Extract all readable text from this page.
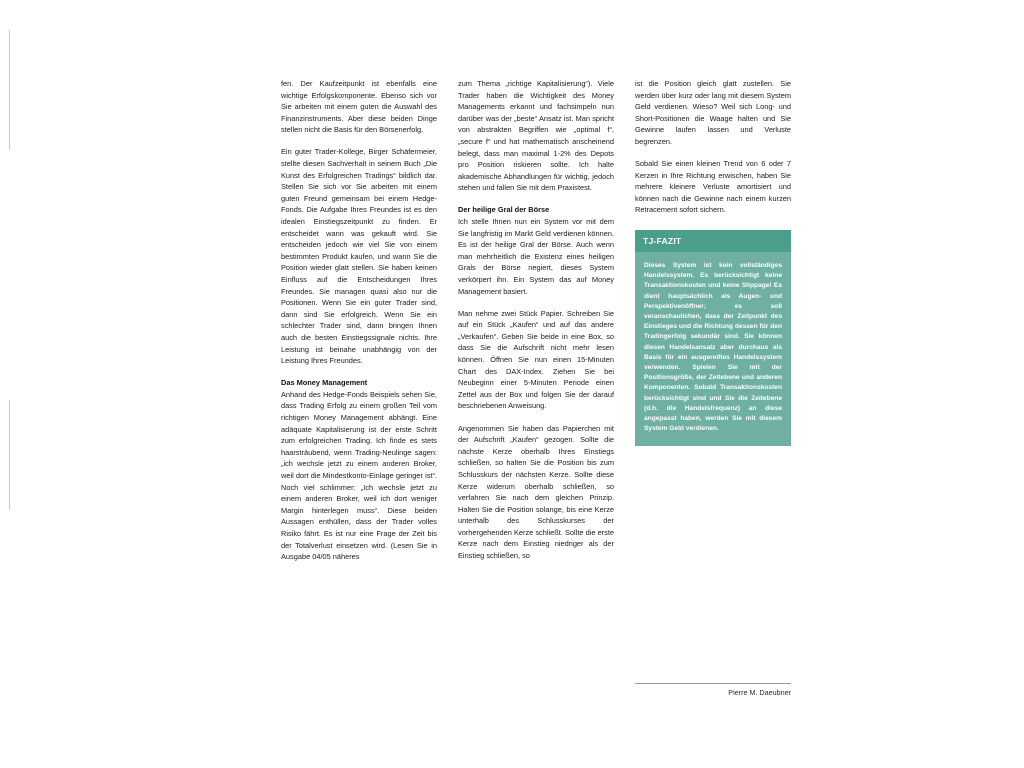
fen. Der Kaufzeitpunkt ist ebenfalls eine wichtige Erfolgskomponente. Ebenso sich vor Sie arbeiten mit einem guten die Auswahl des Finanzinstruments. Aber diese beiden Dinge stellen nicht die Basis für den Börsenerfolg.

Ein guter Trader-Kollege, Birger Schäfermeier, stellte diesen Sachverhalt in seinem Buch „Die Kunst des Erfolgreichen Tradings“ bildlich dar. Stellen Sie sich vor Sie arbeiten mit einem guten Freund gemeinsam bei einem Hedge-Fonds. Die Aufgabe Ihres Freundes ist es den idealen Einstiegszeitpunkt zu finden. Er entscheidet wann was gekauft wird. Sie entscheiden jedoch wie viel Sie von einem bestimmten Produkt kaufen, und wann Sie die Position wieder glatt stellen. Sie haben keinen Einfluss auf die Entscheidungen Ihres Freundes. Sie managen quasi also nur die Positionen. Wenn Sie ein guter Trader sind, dann sind Sie erfolgreich. Wenn Sie ein schlechter Trader sind, dann bringen Ihnen auch die besten Einstiegssignale nichts. Ihre Leistung ist beinahe unabhängig von der Leistung Ihres Freundes.

Das Money Management

Anhand des Hedge-Fonds Beispiels sehen Sie, dass Trading Erfolg zu einem großen Teil vom richtigen Money Management abhängt. Eine adäquate Kapitalisierung ist der erste Schritt zum erfolgreichen Trading. Ich finde es stets haarsträubend, wenn Trading-Neulinge sagen: „ich wechsle jetzt zu einem anderen Broker, weil dort die Mindestkonto-Einlage geringer ist“. Noch viel schlimmer: „Ich wechsle jetzt zu einem anderen Broker, weil ich dort weniger Margin hinterlegen muss“. Diese beiden Aussagen enthüllen, dass der Trader volles Risiko fährt. Es ist nur eine Frage der Zeit bis der Totalverlust einsetzen wird. (Lesen Sie in Ausgabe 04/05 näheres

zum Thema „richtige Kapitalisierung“). Viele Trader haben die Wichtigkeit des Money Managements erkannt und fachsimpeln nun darüber was der „beste“ Ansatz ist. Man spricht von abstrakten Begriffen wie „optimal f“, „secure f“ und hat mathematisch anscheinend belegt, dass man maximal 1-2% des Depots pro Position riskieren sollte. Ich halte akademische Abhandlungen für wichtig, jedoch stehen und fallen Sie mit dem Praxistest.

Der heilige Gral der Börse

Ich stelle Ihnen nun ein System vor mit dem Sie langfristig im Markt Geld verdienen können. Es ist der heilige Gral der Börse. Auch wenn man mehrheitlich die Existenz eines heiligen Grals der Börse negiert, dieses System verkörpert ihn. Ein System das auf Money Management basiert.

Man nehme zwei Stück Papier. Schreiben Sie auf ein Stück „Kaufen“ und auf das andere „Verkaufen“. Geben Sie beide in eine Box, so dass Sie die Aufschrift nicht mehr lesen können. Öffnen Sie nun einen 15-Minuten Chart des DAX-Index. Ziehen Sie bei Neubeginn einer 5-Minuten Periode einen Zettel aus der Box und folgen Sie der darauf beschriebenen Anweisung.

Angenommen Sie haben das Papierchen mit der Aufschrift „Kaufen“ gezogen. Sollte die nächste Kerze oberhalb Ihres Einstiegs schließen, so halten Sie die Position bis zum Schlusskurs der nächsten Kerze. Sollte diese Kerze widerum oberhalb schließen, so verfahren Sie nach dem gleichen Prinzip. Halten Sie die Position solange, bis eine Kerze unterhalb des Schlusskurses der vorhergehenden Kerze schließt. Sollte die erste Kerze nach dem Einstieg niedriger als der Einstieg schließen, so

ist die Position gleich glatt zustellen. Sie werden über kurz oder lang mit diesem System Geld verdienen. Wieso? Weil sich Long- und Short-Positionen die Waage halten und Sie Gewinne laufen lassen und Verluste begrenzen.

Sobald Sie einen kleinen Trend von 6 oder 7 Kerzen in Ihre Richtung erwischen, haben Sie mehrere kleinere Verluste amortisiert und können nach die Gewinne nach einem kurzen Retracement sofort sichern.

TJ-FAZIT
Dieses System ist kein vollständiges Handelssystem. Es berücksichtigt keine Transaktionskosten und keine Slippage! Es dient hauptsächlich als Augen- und Perspektivenöffner; es soll veranschaulichen, dass der Zeitpunkt des Einstieges und die Richtung dessen für den Tradingerfolg sekundär sind. Sie können diesen Handelsansatz aber durchaus als Basis für ein ausgereiftes Handelssystem verwenden. Spielen Sie mit der Positionsgröße, der Zeitebene und anderen Komponenten. Sobald Transaktionskosten berücksichtigt sind und Sie die Zeitebene (d.h. die Handelsfrequenz) an diese angepasst haben, werden Sie mit diesem System Geld verdienen.
Pierre M. Daeubner
